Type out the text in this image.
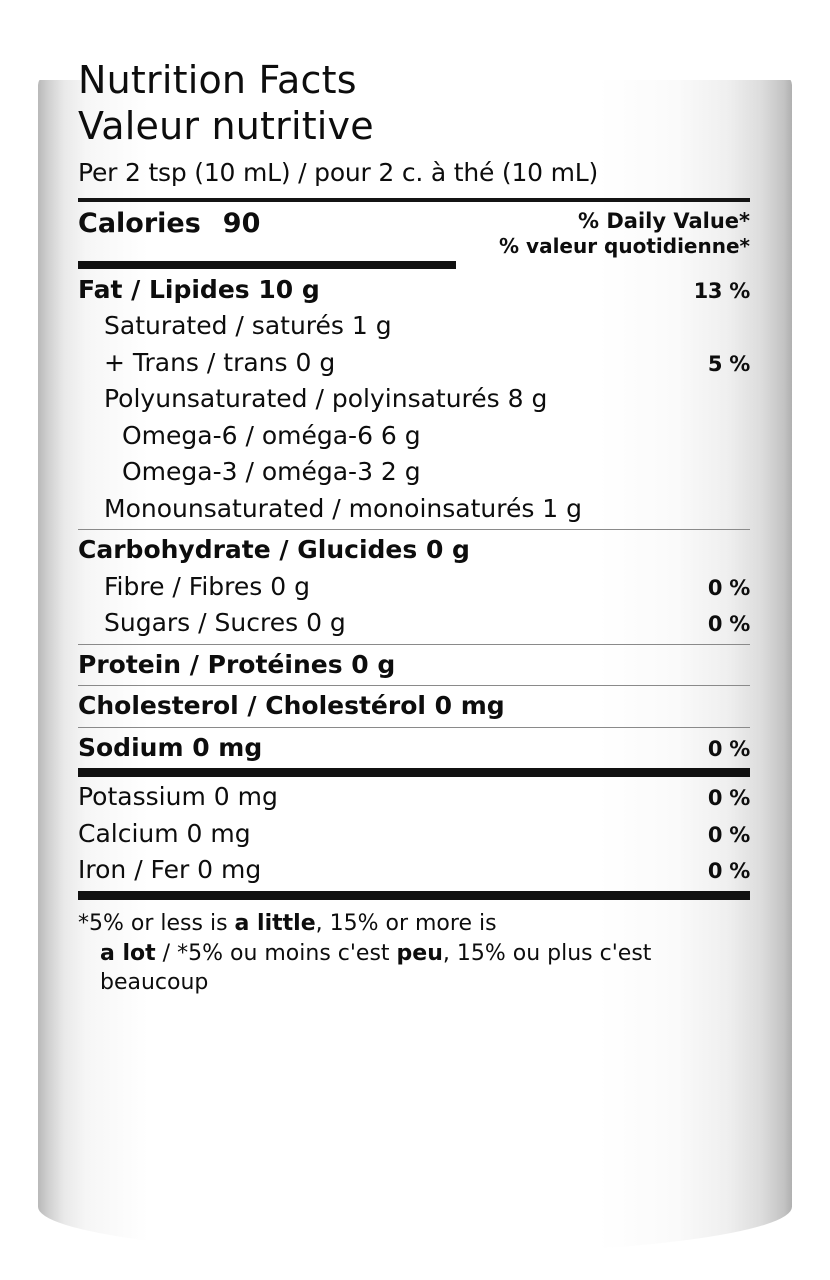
Nutrition Facts
Valeur nutritive
Per 2 tsp (10 mL) / pour 2 c. à thé (10 mL)
Calories 90	% Daily Value*
% valeur quotidienne*
Fat / Lipides 10 g	13 %
Saturated / saturés 1 g
+ Trans / trans 0 g	5 %
Polyunsaturated / polyinsaturés 8 g
Omega-6 / oméga-6 6 g
Omega-3 / oméga-3 2 g
Monounsaturated / monoinsaturés 1 g
Carbohydrate / Glucides 0 g
Fibre / Fibres 0 g	0 %
Sugars / Sucres 0 g	0 %
Protein / Protéines 0 g
Cholesterol / Cholestérol 0 mg
Sodium 0 mg	0 %
Potassium 0 mg	0 %
Calcium 0 mg	0 %
Iron / Fer 0 mg	0 %
*5% or less is a little, 15% or more is
a lot / *5% ou moins c'est peu, 15% ou plus c'est
beaucoup
